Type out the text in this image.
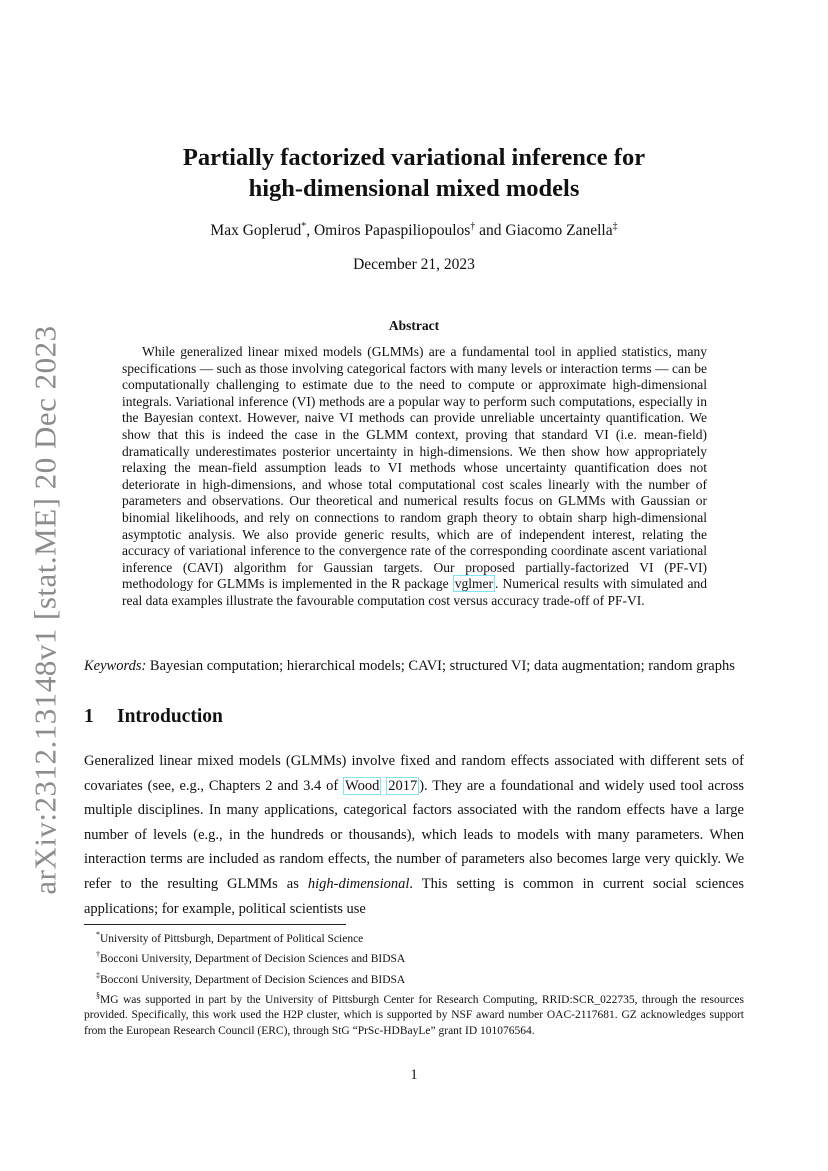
arXiv:2312.13148v1 [stat.ME] 20 Dec 2023
Partially factorized variational inference for
high-dimensional mixed models
Max Goplerud*, Omiros Papaspiliopoulos† and Giacomo Zanella‡
December 21, 2023
Abstract

While generalized linear mixed models (GLMMs) are a fundamental tool in applied statistics, many specifications — such as those involving categorical factors with many levels or interaction terms — can be computationally challenging to estimate due to the need to compute or approximate high-dimensional integrals. Variational inference (VI) methods are a popular way to perform such computations, especially in the Bayesian context. However, naive VI methods can provide unreliable uncertainty quantification. We show that this is indeed the case in the GLMM context, proving that standard VI (i.e. mean-field) dramatically underestimates posterior uncertainty in high-dimensions. We then show how appropriately relaxing the mean-field assumption leads to VI methods whose uncertainty quantification does not deteriorate in high-dimensions, and whose total computational cost scales linearly with the number of parameters and observations. Our theoretical and numerical results focus on GLMMs with Gaussian or binomial likelihoods, and rely on connections to random graph theory to obtain sharp high-dimensional asymptotic analysis. We also provide generic results, which are of independent interest, relating the accuracy of variational inference to the convergence rate of the corresponding coordinate ascent variational inference (CAVI) algorithm for Gaussian targets. Our proposed partially-factorized VI (PF-VI) methodology for GLMMs is implemented in the R package vglmer . Numerical results with simulated and real data examples illustrate the favourable computation cost versus accuracy trade-off of PF-VI.

Keywords: Bayesian computation; hierarchical models; CAVI; structured VI; data augmentation; random graphs

1 Introduction

Generalized linear mixed models (GLMMs) involve fixed and random effects associated with different sets of covariates (see, e.g., Chapters 2 and 3.4 of Wood 2017 ). They are a foundational and widely used tool across multiple disciplines. In many applications, categorical factors associated with the random effects have a large number of levels (e.g., in the hundreds or thousands), which leads to models with many parameters. When interaction terms are included as random effects, the number of parameters also becomes large very quickly. We refer to the resulting GLMMs as high-dimensional. This setting is common in current social sciences applications; for example, political scientists use

*University of Pittsburgh, Department of Political Science

†Bocconi University, Department of Decision Sciences and BIDSA

‡Bocconi University, Department of Decision Sciences and BIDSA

§MG was supported in part by the University of Pittsburgh Center for Research Computing, RRID:SCR_022735, through the resources provided. Specifically, this work used the H2P cluster, which is supported by NSF award number OAC-2117681. GZ acknowledges support from the European Research Council (ERC), through StG “PrSc-HDBayLe” grant ID 101076564.

1
